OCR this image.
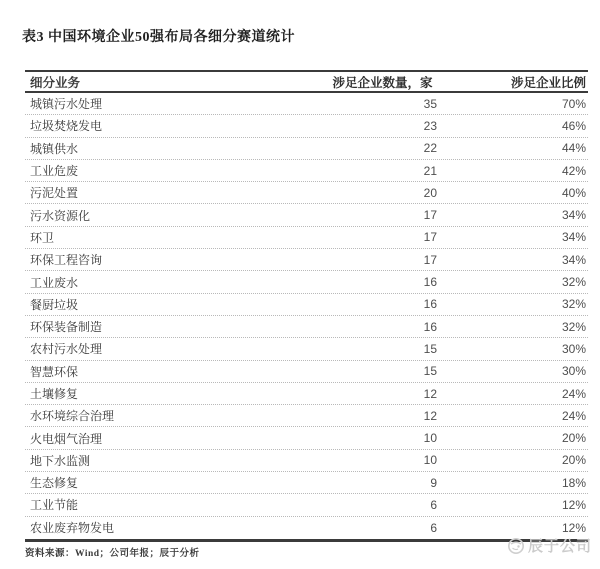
表3 中国环境企业50强布局各细分赛道统计
细分业务	涉足企业数量，家	涉足企业比例
城镇污水处理	35	70%
垃圾焚烧发电	23	46%
城镇供水	22	44%
工业危废	21	42%
污泥处置	20	40%
污水资源化	17	34%
环卫	17	34%
环保工程咨询	17	34%
工业废水	16	32%
餐厨垃圾	16	32%
环保装备制造	16	32%
农村污水处理	15	30%
智慧环保	15	30%
土壤修复	12	24%
水环境综合治理	12	24%
火电烟气治理	10	20%
地下水监测	10	20%
生态修复	9	18%
工业节能	6	12%
农业废弃物发电	6	12%
资料来源：Wind；公司年报；辰于分析	辰于公司
